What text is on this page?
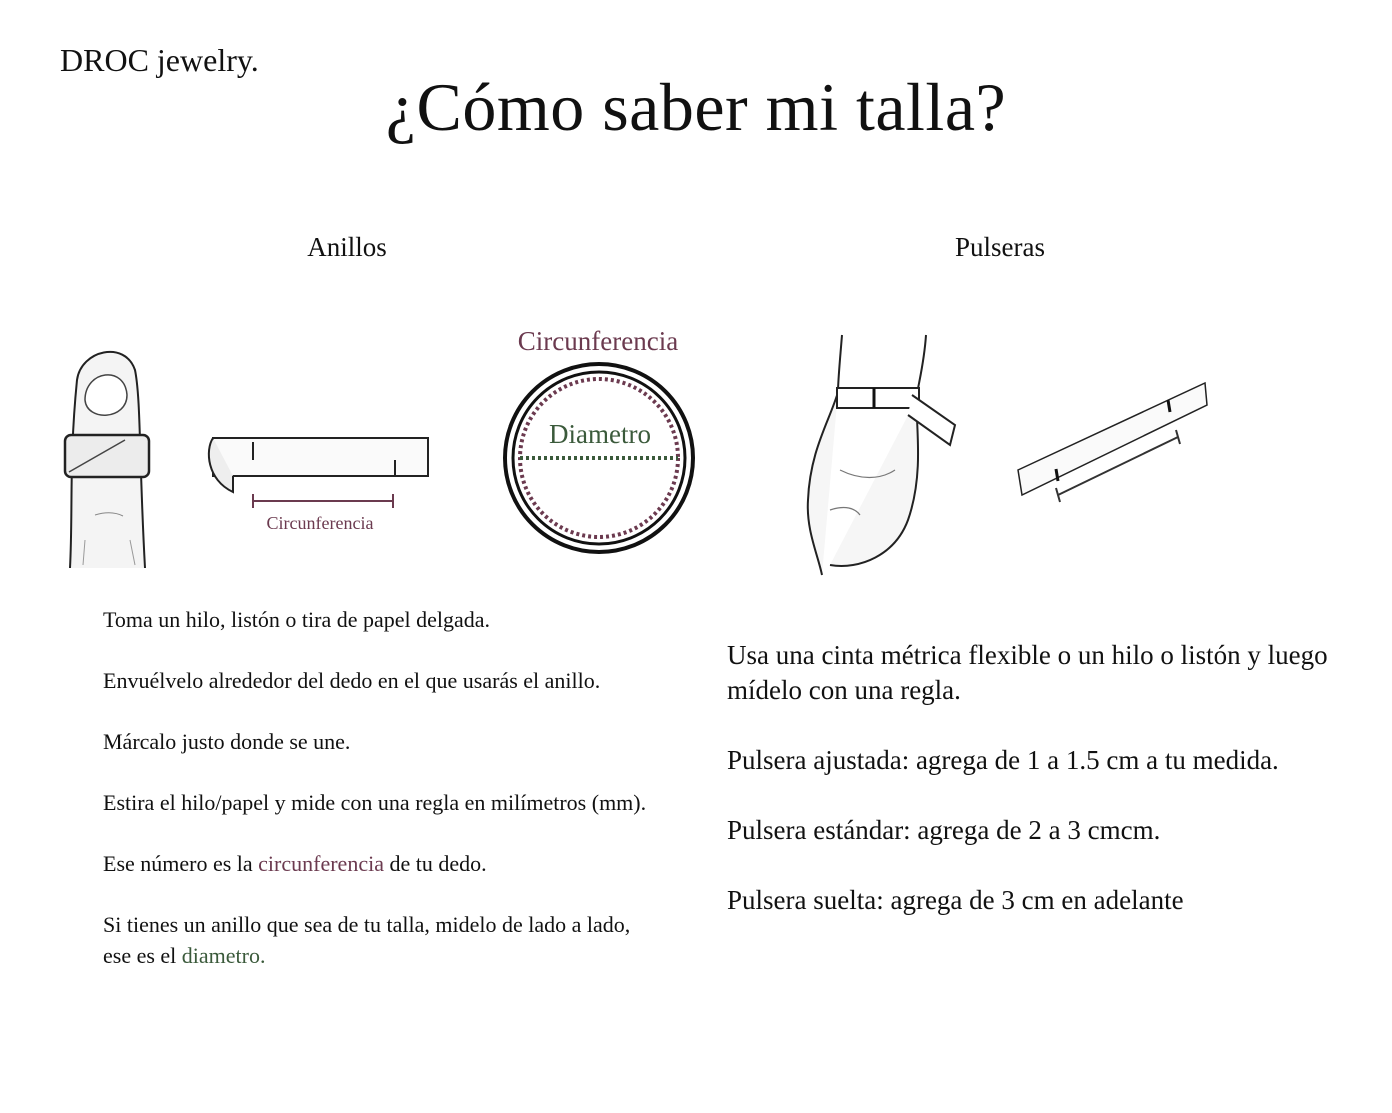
DROC jewelry.
¿Cómo saber mi talla?
Anillos	Pulseras
Circunferencia
Circunferencia
Diametro

Toma un hilo, listón o tira de papel delgada.

Envuélvelo alrededor del dedo en el que usarás el anillo.

Márcalo justo donde se une.

Estira el hilo/papel y mide con una regla en milímetros (mm).

Ese número es la circunferencia de tu dedo.

Si tienes un anillo que sea de tu talla, midelo de lado a lado, ese es el diametro.

Usa una cinta métrica flexible o un hilo o listón y luego mídelo con una regla.

Pulsera ajustada: agrega de 1 a 1.5 cm a tu medida.

Pulsera estándar: agrega de 2 a 3 cmcm.

Pulsera suelta: agrega de 3 cm en adelante
